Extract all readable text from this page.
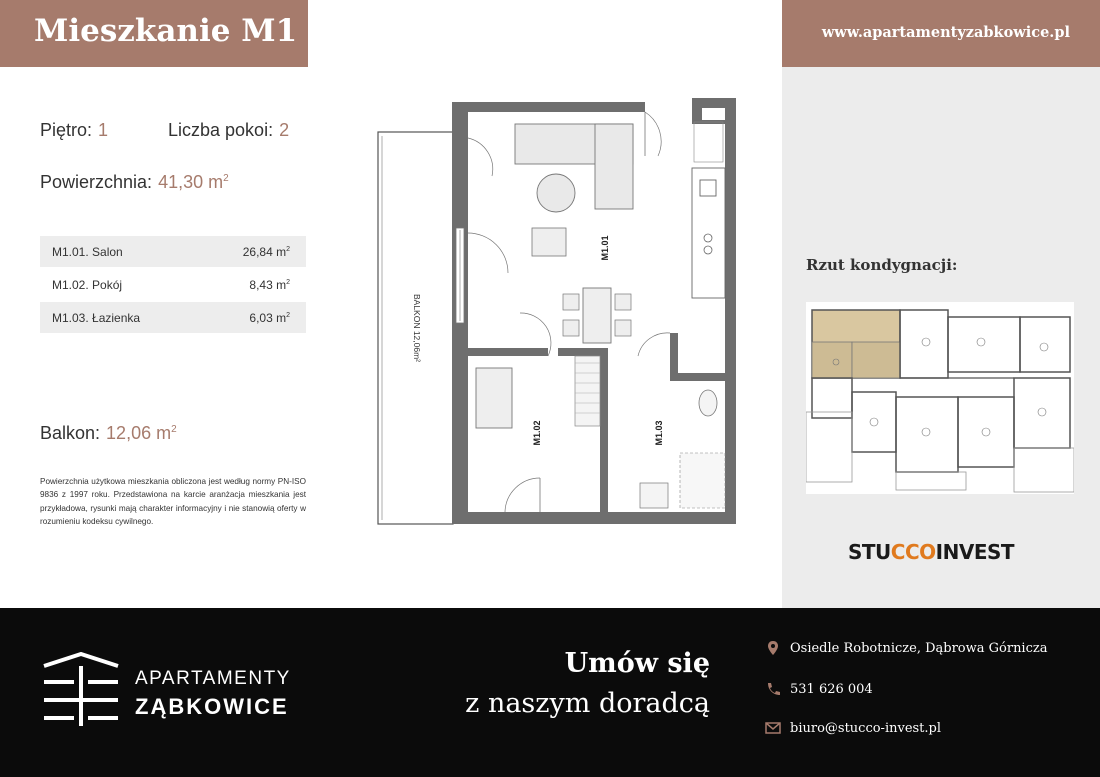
Mieszkanie M1	www.apartamentyzabkowice.pl
Piętro: 1	Liczba pokoi: 2
Powierzchnia: 41,30 $m^2$
M1.01. Salon	26,84 $m^2$
M1.02. Pokój	8,43 $m^2$
M1.03. Łazienka	6,03 $m^2$
Balkon: 12,06 $m^2$
Powierzchnia użytkowa mieszkania obliczona jest według normy PN-ISO 9836 z 1997 roku. Przedstawiona na karcie aranżacja mieszkania jest przykładowa, rysunki mają charakter informacyjny i nie stanowią oferty w rozumieniu kodeksu cywilnego.
BALKON 12,06m²
M1.01
M1.02	M1.03
Rzut kondygnacji:
STUCCOINVEST
APARTAMENTY
ZĄBKOWICE
Umów się
z naszym doradcą
Osiedle Robotnicze, Dąbrowa Górnicza
531 626 004
biuro@stucco-invest.pl
